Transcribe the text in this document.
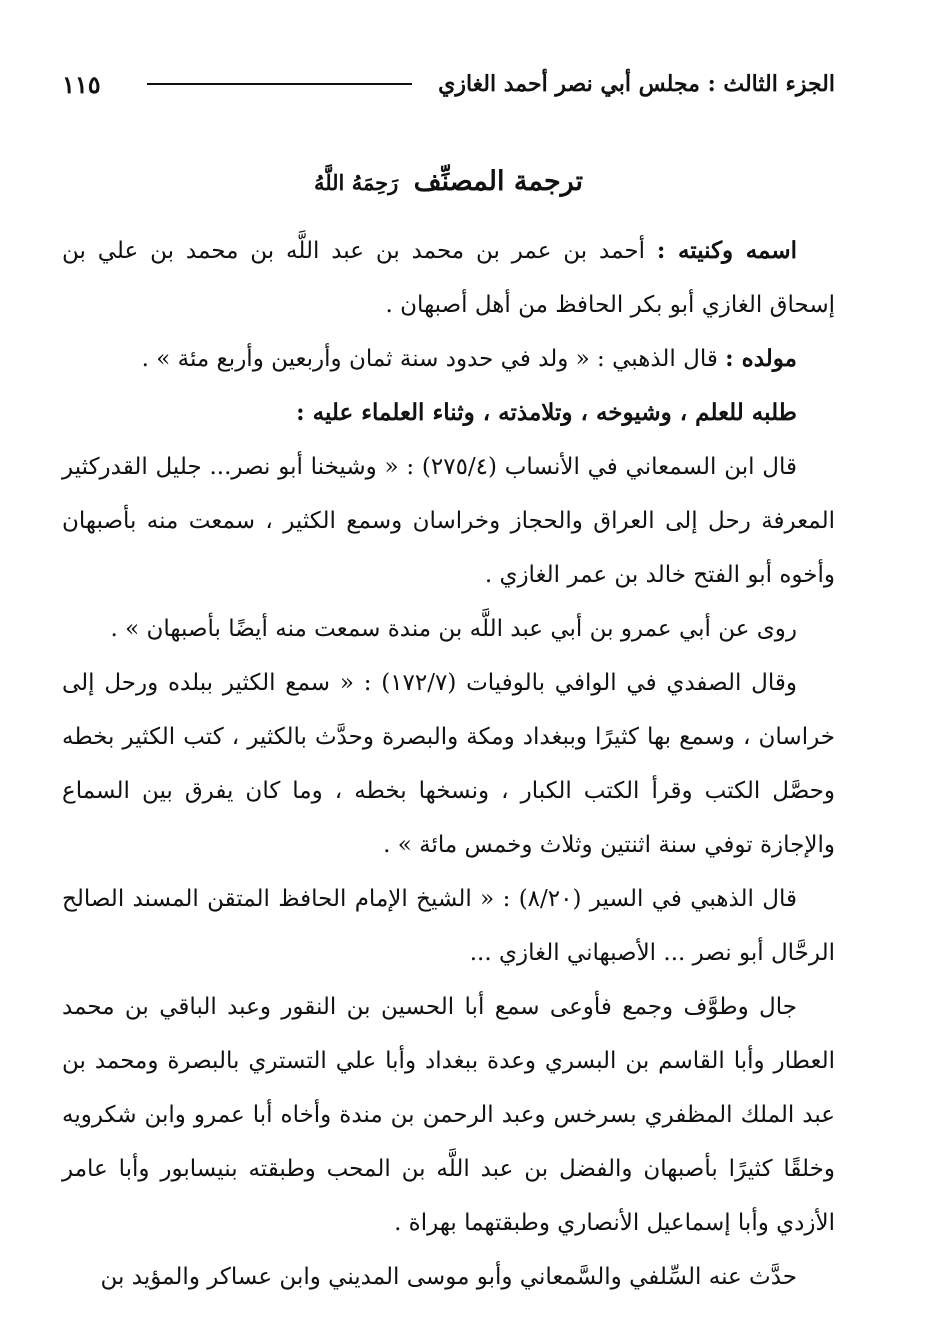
الجزء الثالث : مجلس أبي نصر أحمد الغازي
١١٥
ترجمة المصنِّف رَحِمَهُ اللَّهُ

اسمه وكنيته : أحمد بن عمر بن محمد بن عبد اللَّه بن محمد بن علي بن إسحاق الغازي أبو بكر الحافظ من أهل أصبهان .

مولده : قال الذهبي : « ولد في حدود سنة ثمان وأربعين وأربع مئة » .

طلبه للعلم ، وشيوخه ، وتلامذته ، وثناء العلماء عليه :

قال ابن السمعاني في الأنساب (٢٧٥/٤) : « وشيخنا أبو نصر... جليل القدركثير المعرفة رحل إلى العراق والحجاز وخراسان وسمع الكثير ، سمعت منه بأصبهان وأخوه أبو الفتح خالد بن عمر الغازي .

روى عن أبي عمرو بن أبي عبد اللَّه بن مندة سمعت منه أيضًا بأصبهان » .

وقال الصفدي في الوافي بالوفيات (١٧٢/٧) : « سمع الكثير ببلده ورحل إلى خراسان ، وسمع بها كثيرًا وببغداد ومكة والبصرة وحدَّث بالكثير ، كتب الكثير بخطه وحصَّل الكتب وقرأ الكتب الكبار ، ونسخها بخطه ، وما كان يفرق بين السماع والإجازة توفي سنة اثنتين وثلاث وخمس مائة » .

قال الذهبي في السير (٨/٢٠) : « الشيخ الإمام الحافظ المتقن المسند الصالح الرحَّال أبو نصر ... الأصبهاني الغازي ...

جال وطوَّف وجمع فأوعى سمع أبا الحسين بن النقور وعبد الباقي بن محمد العطار وأبا القاسم بن البسري وعدة ببغداد وأبا علي التستري بالبصرة ومحمد بن عبد الملك المظفري بسرخس وعبد الرحمن بن مندة وأخاه أبا عمرو وابن شكرويه وخلقًا كثيرًا بأصبهان والفضل بن عبد اللَّه بن المحب وطبقته بنيسابور وأبا عامر الأزدي وأبا إسماعيل الأنصاري وطبقتهما بهراة .

حدَّث عنه السِّلفي والسَّمعاني وأبو موسى المديني وابن عساكر والمؤيد بن
